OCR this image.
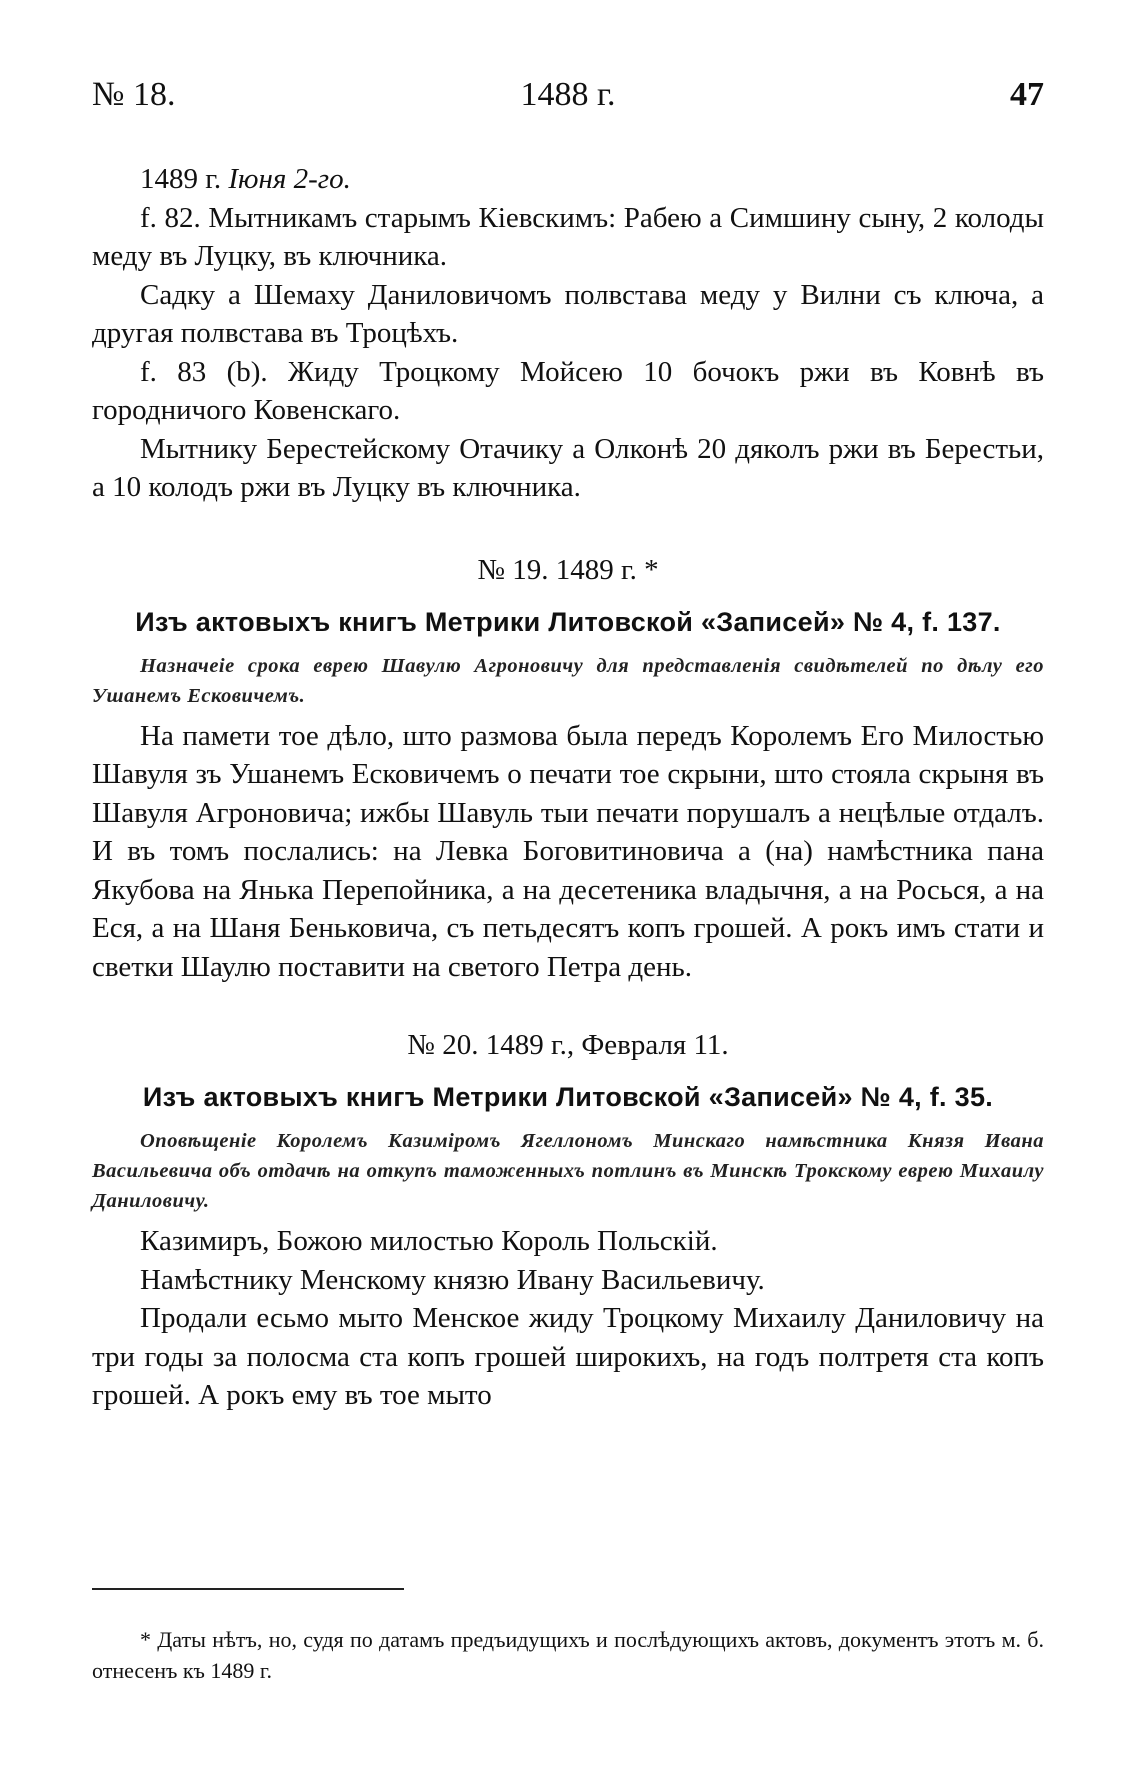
№ 18.	1488 г.	47

1489 г. Іюня 2-го.

f. 82. Мытникамъ старымъ Кіевскимъ: Рабею а Симшину сыну, 2 колоды меду въ Луцку, въ ключника.

Садку а Шемаху Даниловичомъ полвстава меду у Вилни съ ключа, а другая полвстава въ Троцѣхъ.

f. 83 (b). Жиду Троцкому Мойсею 10 бочокъ ржи въ Ковнѣ въ городничого Ковенскаго.

Мытнику Берестейскому Отачику а Олконѣ 20 дяколъ ржи въ Берестьи, а 10 колодъ ржи въ Луцку въ ключника.

№ 19. 1489 г. *

Изъ актовыхъ книгъ Метрики Литовской «Записей» № 4, f. 137.

Назначеіе срока еврею Шавулю Агроновичу для представленія свидѣтелей по дѣлу его Ушанемъ Есковичемъ.

На памети тое дѣло, што размова была передъ Королемъ Его Милостью Шавуля зъ Ушанемъ Есковичемъ о печати тое скрыни, што стояла скрыня въ Шавуля Агроновича; ижбы Шавуль тыи печати порушалъ а нецѣлые отдалъ. И въ томъ послались: на Левка Боговитиновича а (на) намѣстника пана Якубова на Янька Перепойника, а на десетеника владычня, а на Росься, а на Еся, а на Шаня Беньковича, съ петьдесятъ копъ грошей. А рокъ имъ стати и светки Шаулю поставити на светого Петра день.

№ 20. 1489 г., Февраля 11.

Изъ актовыхъ книгъ Метрики Литовской «Записей» № 4, f. 35.

Оповѣщеніе Королемъ Казиміромъ Ягеллономъ Минскаго намѣстника Князя Ивана Васильевича объ отдачѣ на откупъ таможенныхъ потлинъ въ Минскѣ Трокскому еврею Михаилу Даниловичу.

Казимиръ, Божою милостью Король Польскій.

Намѣстнику Менскому князю Ивану Васильевичу.

Продали есьмо мыто Менское жиду Троцкому Михаилу Даниловичу на три годы за полосма ста копъ грошей широкихъ, на годъ полтретя ста копъ грошей. А рокъ ему въ тое мыто

* Даты нѣтъ, но, судя по датамъ предъидущихъ и послѣдующихъ актовъ, документъ этотъ м. б. отнесенъ къ 1489 г.
